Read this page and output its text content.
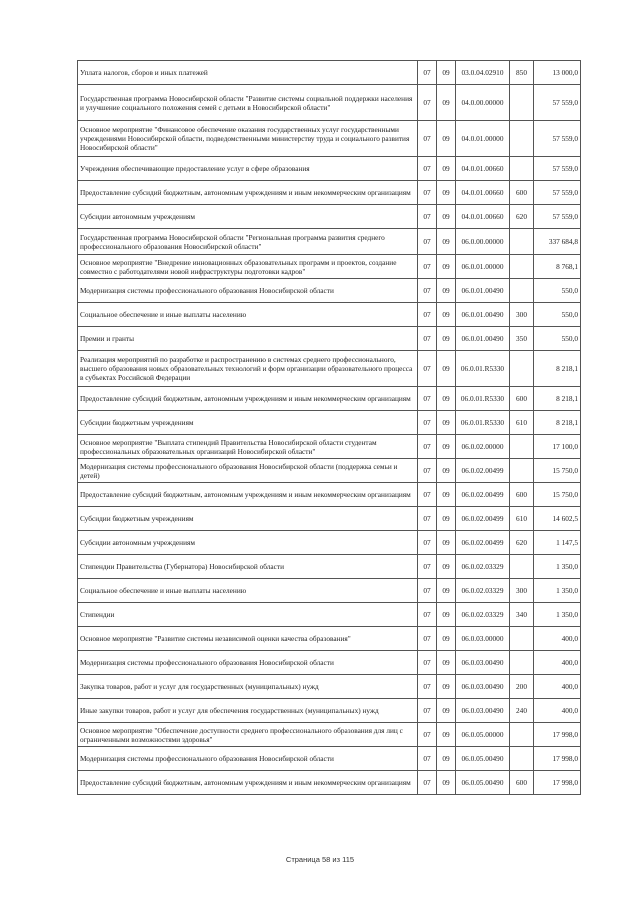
Уплата налогов, сборов и иных платежей	07	09	03.0.04.02910	850	13 000,0
Государственная программа Новосибирской области "Развитие системы социальной поддержки населения и улучшение социального положения семей с детьми в Новосибирской области"	07	09	04.0.00.00000		57 559,0
Основное мероприятие "Финансовое обеспечение оказания государственных услуг государственными учреждениями Новосибирской области, подведомственными министерству труда и социального развития Новосибирской области"	07	09	04.0.01.00000		57 559,0
Учреждения обеспечивающие предоставление услуг в сфере образования	07	09	04.0.01.00660		57 559,0
Предоставление субсидий бюджетным, автономным учреждениям и иным некоммерческим организациям	07	09	04.0.01.00660	600	57 559,0
Субсидии автономным учреждениям	07	09	04.0.01.00660	620	57 559,0
Государственная программа Новосибирской области "Региональная программа развития среднего профессионального образования Новосибирской области"	07	09	06.0.00.00000		337 684,8
Основное мероприятие "Внедрение инновационных образовательных программ и проектов, создание совместно с работодателями новой инфраструктуры подготовки кадров"	07	09	06.0.01.00000		8 768,1
Модернизация системы профессионального образования Новосибирской области	07	09	06.0.01.00490		550,0
Социальное обеспечение и иные выплаты населению	07	09	06.0.01.00490	300	550,0
Премии и гранты	07	09	06.0.01.00490	350	550,0
Реализация мероприятий по разработке и распространению в системах среднего профессионального, высшего образования новых образовательных технологий и форм организации образовательного процесса в субъектах Российской Федерации	07	09	06.0.01.R5330		8 218,1
Предоставление субсидий бюджетным, автономным учреждениям и иным некоммерческим организациям	07	09	06.0.01.R5330	600	8 218,1
Субсидии бюджетным учреждениям	07	09	06.0.01.R5330	610	8 218,1
Основное мероприятие "Выплата стипендий Правительства Новосибирской области студентам профессиональных образовательных организаций Новосибирской области"	07	09	06.0.02.00000		17 100,0
Модернизация системы профессионального образования Новосибирской области (поддержка семьи и детей)	07	09	06.0.02.00499		15 750,0
Предоставление субсидий бюджетным, автономным учреждениям и иным некоммерческим организациям	07	09	06.0.02.00499	600	15 750,0
Субсидии бюджетным учреждениям	07	09	06.0.02.00499	610	14 602,5
Субсидии автономным учреждениям	07	09	06.0.02.00499	620	1 147,5
Стипендии Правительства (Губернатора) Новосибирской области	07	09	06.0.02.03329		1 350,0
Социальное обеспечение и иные выплаты населению	07	09	06.0.02.03329	300	1 350,0
Стипендии	07	09	06.0.02.03329	340	1 350,0
Основное мероприятие "Развитие системы независимой оценки качества образования"	07	09	06.0.03.00000		400,0
Модернизация системы профессионального образования Новосибирской области	07	09	06.0.03.00490		400,0
Закупка товаров, работ и услуг для государственных (муниципальных) нужд	07	09	06.0.03.00490	200	400,0
Иные закупки товаров, работ и услуг для обеспечения государственных (муниципальных) нужд	07	09	06.0.03.00490	240	400,0
Основное мероприятие "Обеспечение доступности среднего профессионального образования для лиц с ограниченными возможностями здоровья"	07	09	06.0.05.00000		17 998,0
Модернизация системы профессионального образования Новосибирской области	07	09	06.0.05.00490		17 998,0
Предоставление субсидий бюджетным, автономным учреждениям и иным некоммерческим организациям	07	09	06.0.05.00490	600	17 998,0
Страница 58 из 115
